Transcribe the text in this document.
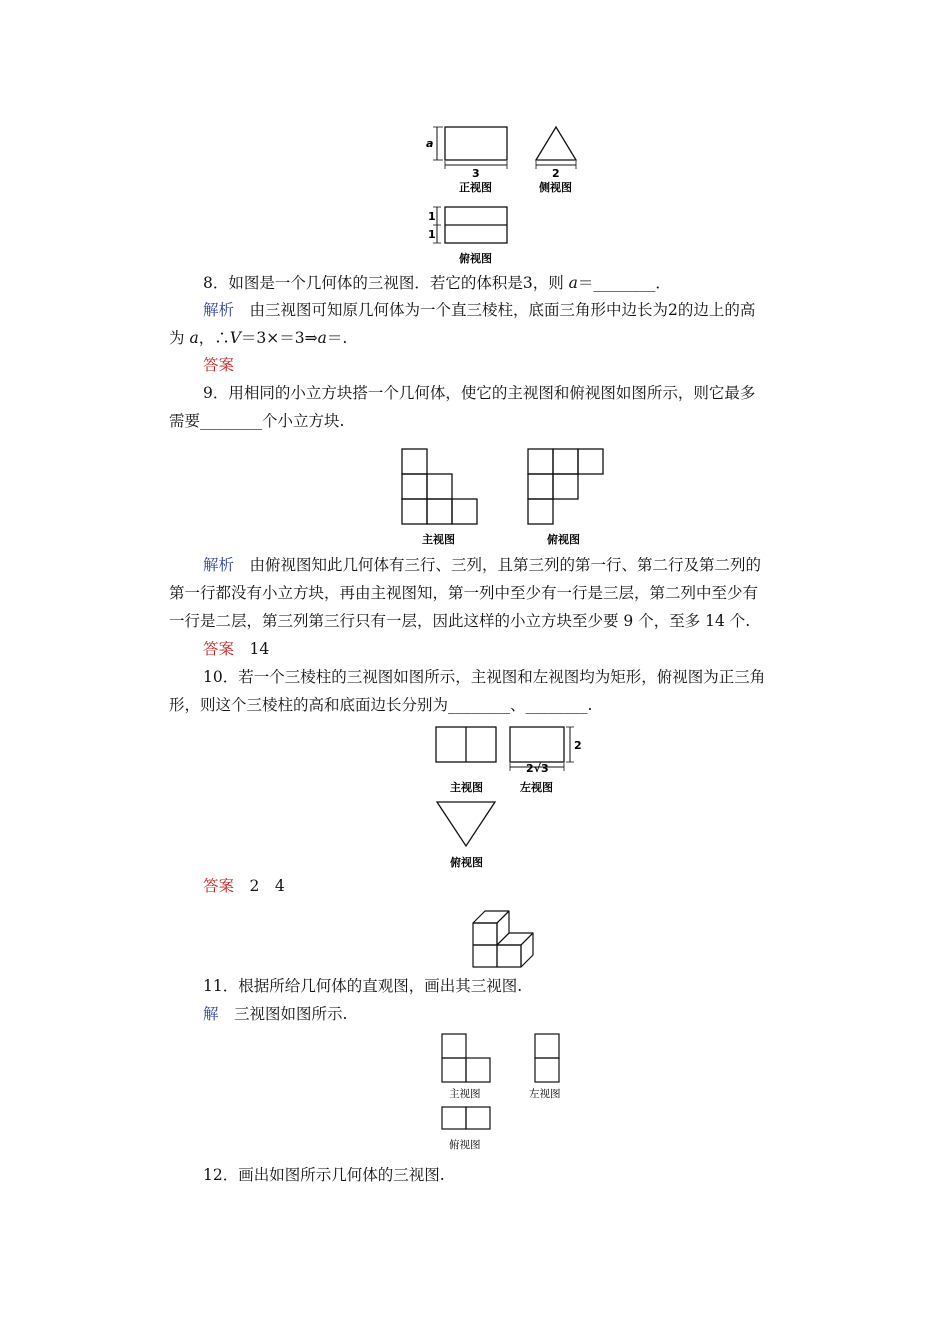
a
3
正视图
2
侧视图
1
1
俯视图
8．如图是一个几何体的三视图．若它的体积是3，则 a＝________．
解析　 由三视图可知原几何体为一个直三棱柱，底面三角形中边长为2的边上的高
为 a，∴V＝3×＝3⇒a＝.
答案
9．用相同的小立方块搭一个几何体，使它的主视图和俯视图如图所示，则它最多
需要________个小立方块.
主视图	俯视图
解析　 由俯视图知此几何体有三行、三列，且第三列的第一行、第二行及第二列的
第一行都没有小立方块，再由主视图知，第一列中至少有一行是三层，第二列中至少有
一行是二层，第三列第三行只有一层，因此这样的小立方块至少要 9 个，至多 14 个.
答案　 14
10．若一个三棱柱的三视图如图所示，主视图和左视图均为矩形，俯视图为正三角
形，则这个三棱柱的高和底面边长分别为________、________.
2
2√3
主视图	左视图
俯视图
答案　 2　4
11．根据所给几何体的直观图，画出其三视图.
解　 三视图如图所示.
主视图	左视图
俯视图
12．画出如图所示几何体的三视图.
